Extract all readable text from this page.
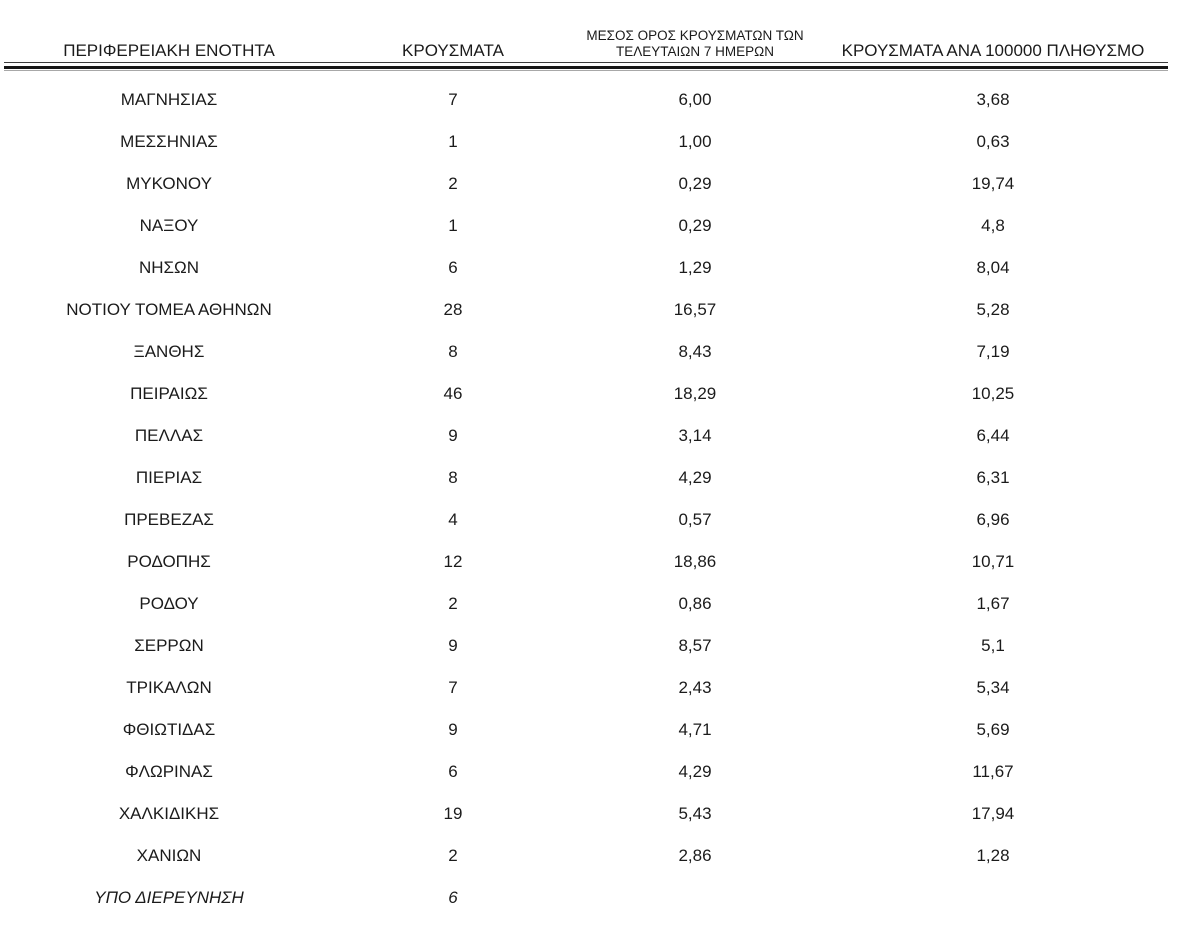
ΠΕΡΙΦΕΡΕΙΑΚΗ ΕΝΟΤΗΤΑ	ΚΡΟΥΣΜΑΤΑ	ΜΕΣΟΣ ΟΡΟΣ ΚΡΟΥΣΜΑΤΩΝ ΤΩΝ
ΤΕΛΕΥΤΑΙΩΝ 7 ΗΜΕΡΩΝ	ΚΡΟΥΣΜΑΤΑ ΑΝΑ 100000 ΠΛΗΘΥΣΜΟ

ΜΑΓΝΗΣΙΑΣ	7	6,00	3,68
ΜΕΣΣΗΝΙΑΣ	1	1,00	0,63
ΜΥΚΟΝΟΥ	2	0,29	19,74
ΝΑΞΟΥ	1	0,29	4,8
ΝΗΣΩΝ	6	1,29	8,04
ΝΟΤΙΟΥ ΤΟΜΕΑ ΑΘΗΝΩΝ	28	16,57	5,28
ΞΑΝΘΗΣ	8	8,43	7,19
ΠΕΙΡΑΙΩΣ	46	18,29	10,25
ΠΕΛΛΑΣ	9	3,14	6,44
ΠΙΕΡΙΑΣ	8	4,29	6,31
ΠΡΕΒΕΖΑΣ	4	0,57	6,96
ΡΟΔΟΠΗΣ	12	18,86	10,71
ΡΟΔΟΥ	2	0,86	1,67
ΣΕΡΡΩΝ	9	8,57	5,1
ΤΡΙΚΑΛΩΝ	7	2,43	5,34
ΦΘΙΩΤΙΔΑΣ	9	4,71	5,69
ΦΛΩΡΙΝΑΣ	6	4,29	11,67
ΧΑΛΚΙΔΙΚΗΣ	19	5,43	17,94
ΧΑΝΙΩΝ	2	2,86	1,28
ΥΠΟ ΔΙΕΡΕΥΝΗΣΗ	6		
